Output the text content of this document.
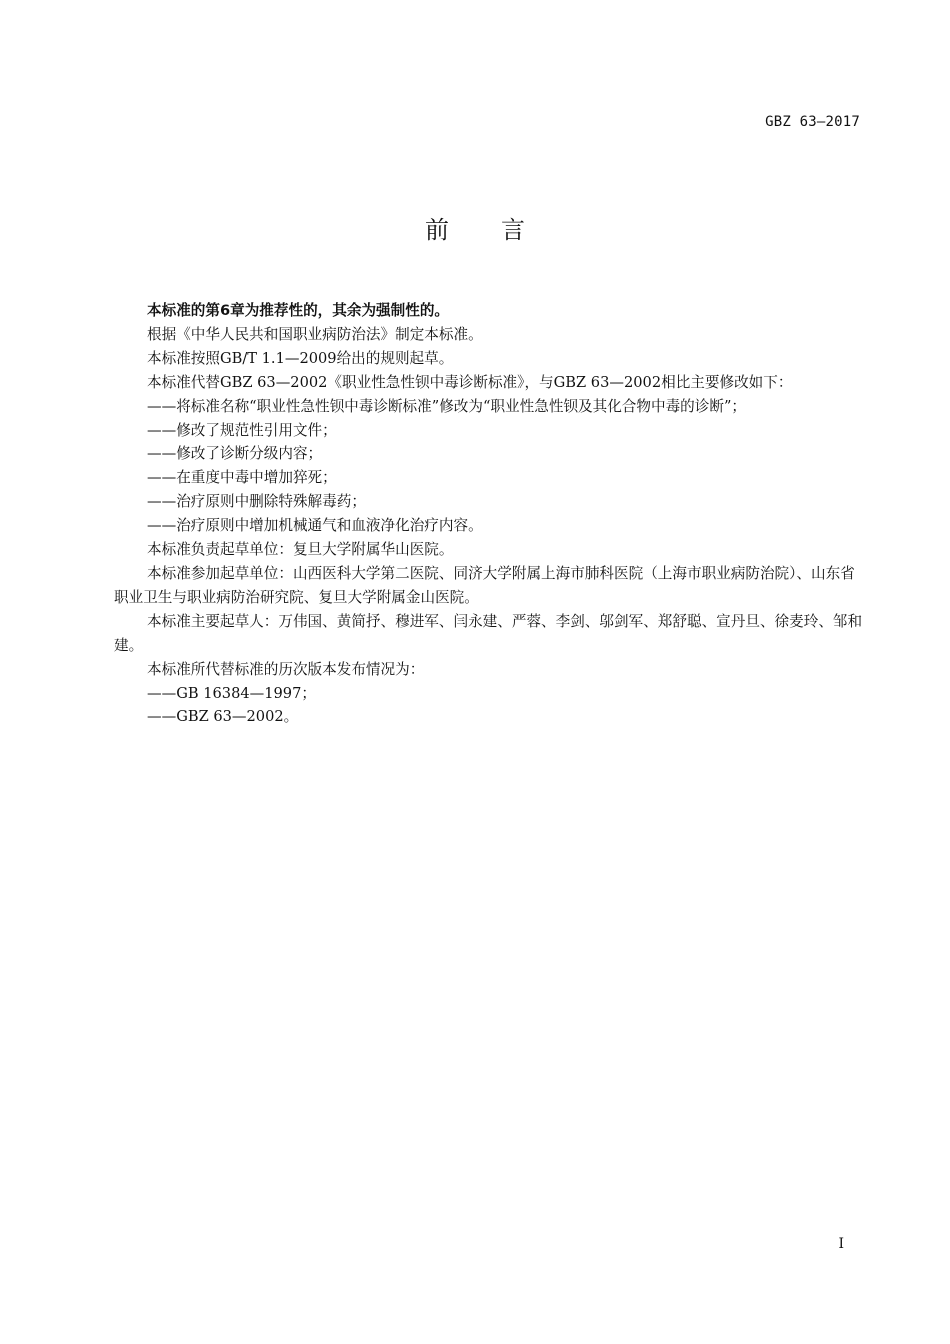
GBZ 63—2017
前 言

本标准的第6章为推荐性的，其余为强制性的。

根据《中华人民共和国职业病防治法》制定本标准。

本标准按照GB/T 1.1—2009给出的规则起草。

本标准代替GBZ 63—2002《职业性急性钡中毒诊断标准》，与GBZ 63—2002相比主要修改如下：

——将标准名称“职业性急性钡中毒诊断标准”修改为“职业性急性钡及其化合物中毒的诊断”；

——修改了规范性引用文件；

——修改了诊断分级内容；

——在重度中毒中增加猝死；

——治疗原则中删除特殊解毒药；

——治疗原则中增加机械通气和血液净化治疗内容。

本标准负责起草单位：复旦大学附属华山医院。

本标准参加起草单位：山西医科大学第二医院、同济大学附属上海市肺科医院（上海市职业病防治院）、山东省职业卫生与职业病防治研究院、复旦大学附属金山医院。

本标准主要起草人：万伟国、黄简抒、穆进军、闫永建、严蓉、李剑、邬剑军、郑舒聪、宣丹旦、徐麦玲、邹和建。

本标准所代替标准的历次版本发布情况为：

——GB 16384—1997；

——GBZ 63—2002。

I
